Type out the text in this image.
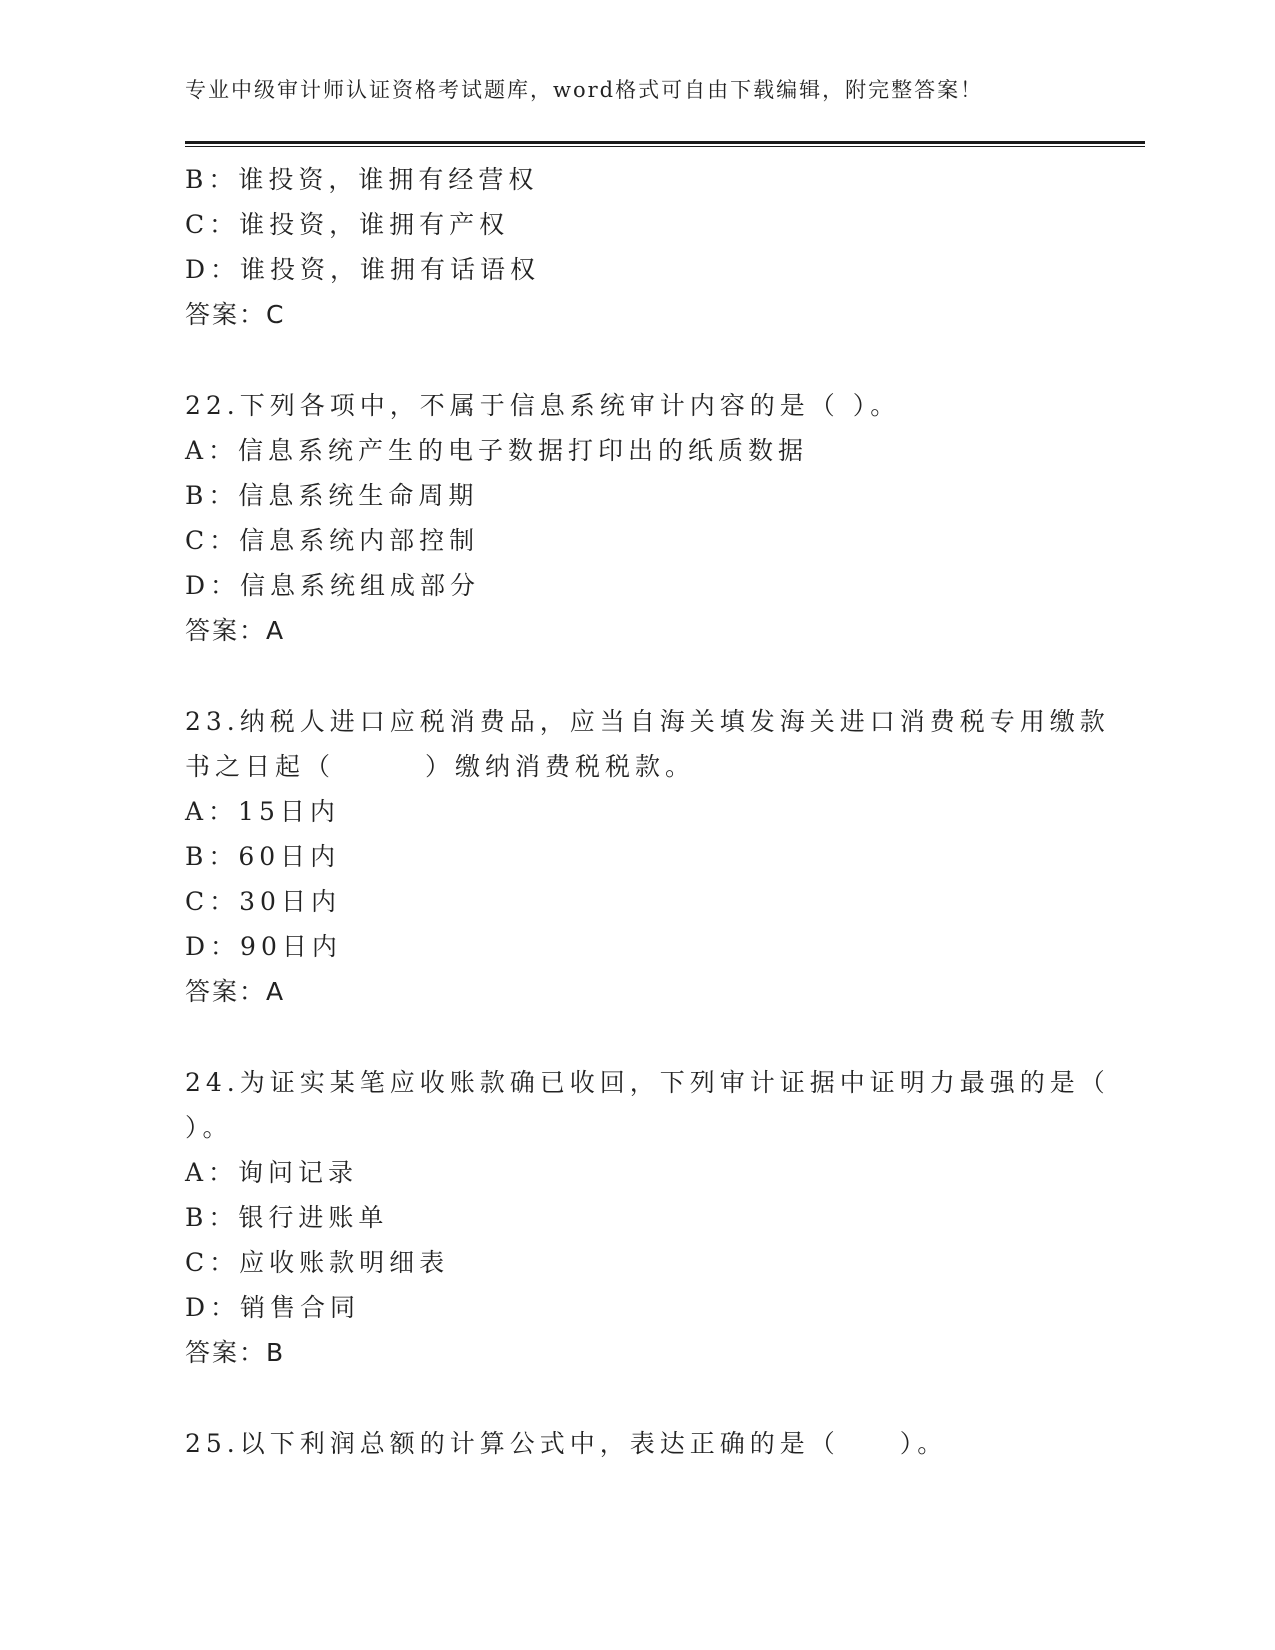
专业中级审计师认证资格考试题库，word格式可自由下载编辑，附完整答案！
B：谁投资，谁拥有经营权
C：谁投资，谁拥有产权
D：谁投资，谁拥有话语权
答案：C
22.下列各项中，不属于信息系统审计内容的是（ ）。
A：信息系统产生的电子数据打印出的纸质数据
B：信息系统生命周期
C：信息系统内部控制
D：信息系统组成部分
答案：A
23.纳税人进口应税消费品，应当自海关填发海关进口消费税专用缴款
书之日起（　　　）缴纳消费税税款。
A：15日内
B：60日内
C：30日内
D：90日内
答案：A
24.为证实某笔应收账款确已收回，下列审计证据中证明力最强的是（
）。
A：询问记录
B：银行进账单
C：应收账款明细表
D：销售合同
答案：B
25.以下利润总额的计算公式中，表达正确的是（　　）。
